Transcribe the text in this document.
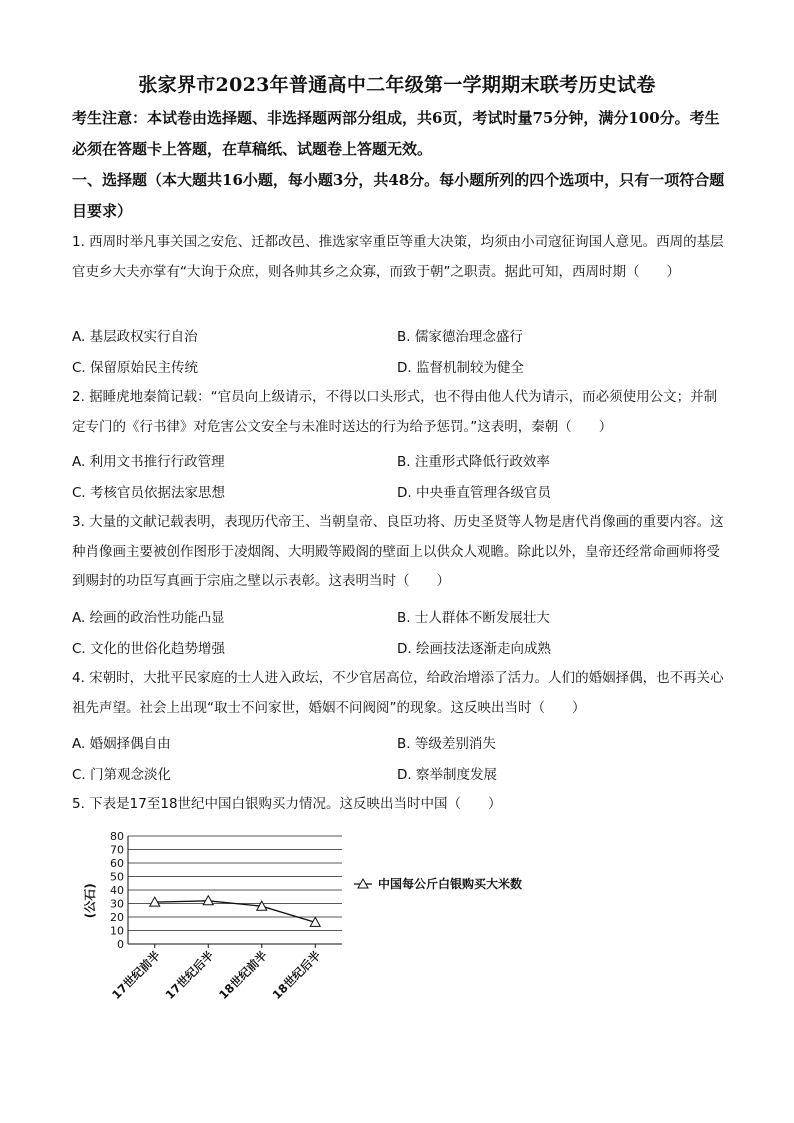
张家界市2023年普通高中二年级第一学期期末联考历史试卷
考生注意：本试卷由选择题、非选择题两部分组成，共6页，考试时量75分钟，满分100分。考生必须在答题卡上答题，在草稿纸、试题卷上答题无效。
一、选择题（本大题共16小题，每小题3分，共48分。每小题所列的四个选项中，只有一项符合题目要求）
1. 西周时举凡事关国之安危、迁都改邑、推选家宰重臣等重大决策，均须由小司寇征询国人意见。西周的基层官吏乡大夫亦掌有“大询于众庶，则各帅其乡之众寡，而致于朝”之职责。据此可知，西周时期（　　）
A. 基层政权实行自治	B. 儒家德治理念盛行
C. 保留原始民主传统	D. 监督机制较为健全
2. 据睡虎地秦简记载：“官员向上级请示，不得以口头形式，也不得由他人代为请示，而必须使用公文；并制定专门的《行书律》对危害公文安全与未准时送达的行为给予惩罚。”这表明，秦朝（　　）
A. 利用文书推行行政管理	B. 注重形式降低行政效率
C. 考核官员依据法家思想	D. 中央垂直管理各级官员
3. 大量的文献记载表明，表现历代帝王、当朝皇帝、良臣功将、历史圣贤等人物是唐代肖像画的重要内容。这种肖像画主要被创作图形于凌烟阁、大明殿等殿阁的壁面上以供众人观瞻。除此以外，皇帝还经常命画师将受到赐封的功臣写真画于宗庙之壁以示表彰。这表明当时（　　）
A. 绘画的政治性功能凸显	B. 士人群体不断发展壮大
C. 文化的世俗化趋势增强	D. 绘画技法逐渐走向成熟
4. 宋朝时，大批平民家庭的士人进入政坛，不少官居高位，给政治增添了活力。人们的婚姻择偶，也不再关心祖先声望。社会上出现“取士不问家世，婚姻不问阀阅”的现象。这反映出当时（　　）
A. 婚姻择偶自由	B. 等级差别消失
C. 门第观念淡化	D. 察举制度发展
5. 下表是17至18世纪中国白银购买力情况。这反映出当时中国（　　）
0
10
20
30
40
50
60
70
80
17世纪前半 17世纪后半 18世纪前半 18世纪后半
(公石)	中国每公斤白银购买大米数
